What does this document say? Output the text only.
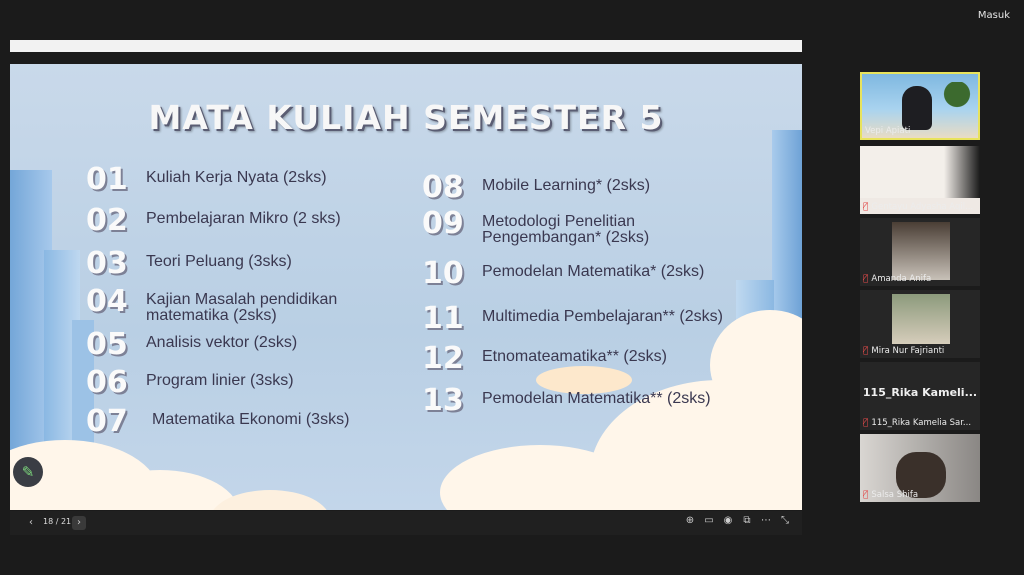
Masuk
MATA KULIAH SEMESTER 5
01	Kuliah Kerja Nyata (2sks)
02	Pembelajaran Mikro (2 sks)
03	Teori Peluang (3sks)
04	Kajian Masalah pendidikan matematika (2sks)
05	Analisis vektor (2sks)
06	Program linier (3sks)
07	Matematika Ekonomi (3sks)
08	Mobile Learning* (2sks)
09	Metodologi Penelitian Pengembangan* (2sks)
10	Pemodelan Matematika* (2sks)
11	Multimedia Pembelajaran** (2sks)
12	Etnomateamatika** (2sks)
13	Pemodelan Matematika** (2sks)
✎
‹	18 / 21 ›	⊕ ▭ ◉ ⧉ ⋯ ⤡
Vepi Apiati
🎙̸ Gentayu Adyasha Aqil...
🎙̸ Amanda Anifa
🎙̸ Mira Nur Fajrianti
115_Rika Kameli...
🎙̸ 115_Rika Kamelia Sar...
🎙̸ Salsa Shifa
